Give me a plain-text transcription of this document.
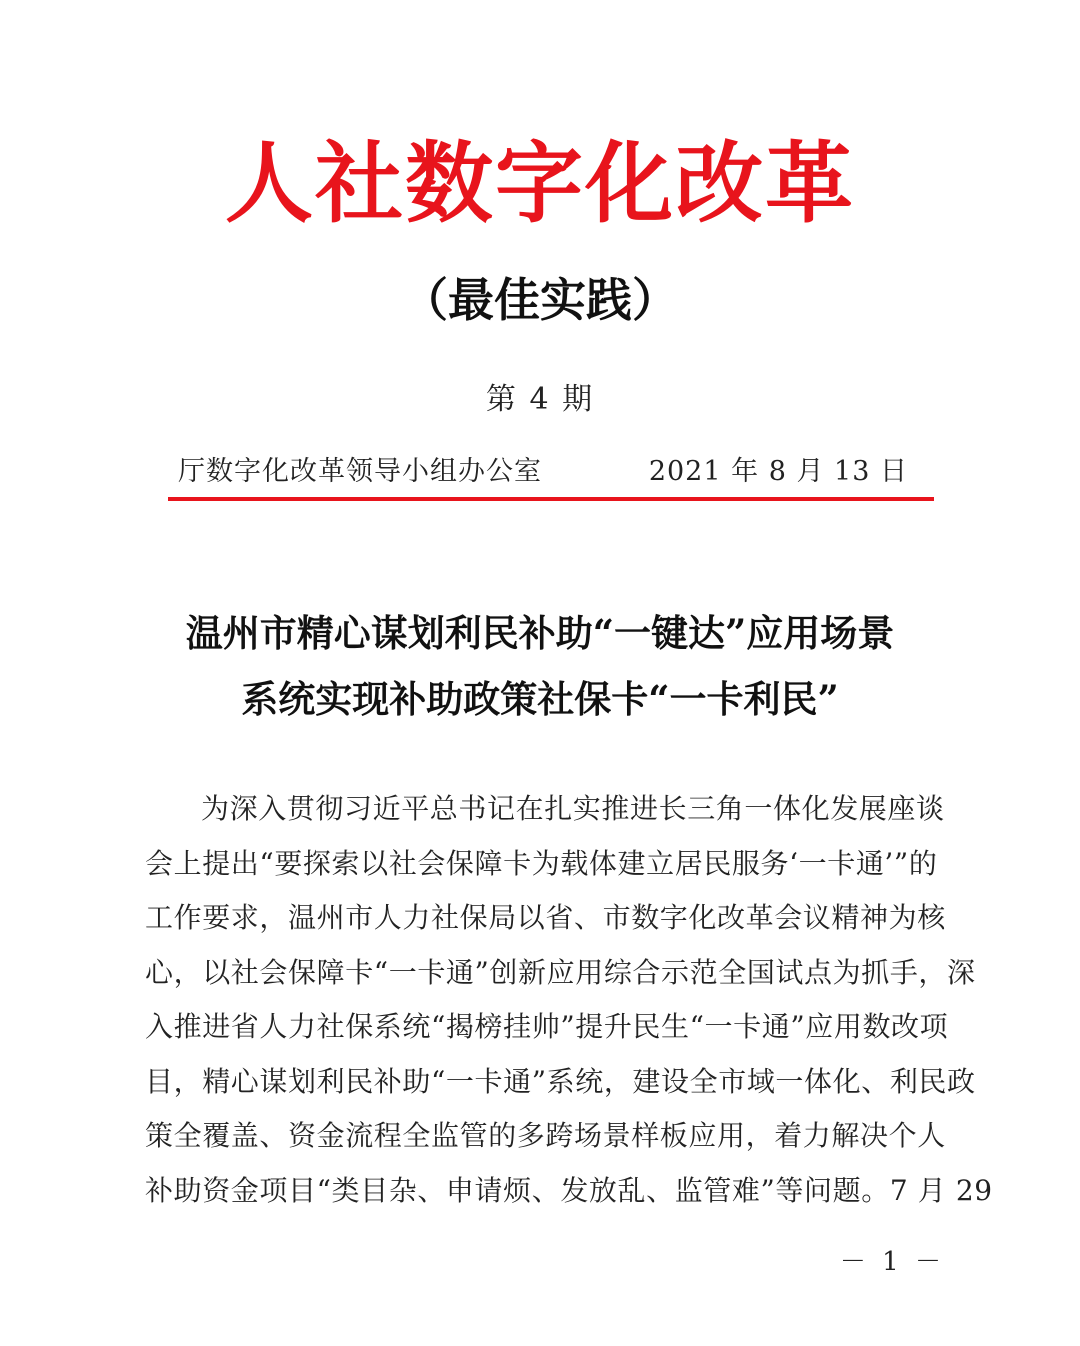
人社数字化改革
（最佳实践）
第 4 期
厅数字化改革领导小组办公室	2021 年 8 月 13 日
温州市精心谋划利民补助“一键达”应用场景
系统实现补助政策社保卡“一卡利民”
为深入贯彻习近平总书记在扎实推进长三角一体化发展座谈
会上提出“要探索以社会保障卡为载体建立居民服务‘一卡通’”的
工作要求，温州市人力社保局以省、市数字化改革会议精神为核
心，以社会保障卡“一卡通”创新应用综合示范全国试点为抓手，深
入推进省人力社保系统“揭榜挂帅”提升民生“一卡通”应用数改项
目，精心谋划利民补助“一卡通”系统，建设全市域一体化、利民政
策全覆盖、资金流程全监管的多跨场景样板应用，着力解决个人
补助资金项目“类目杂、申请烦、发放乱、监管难”等问题。7 月 29
－ 1 －
